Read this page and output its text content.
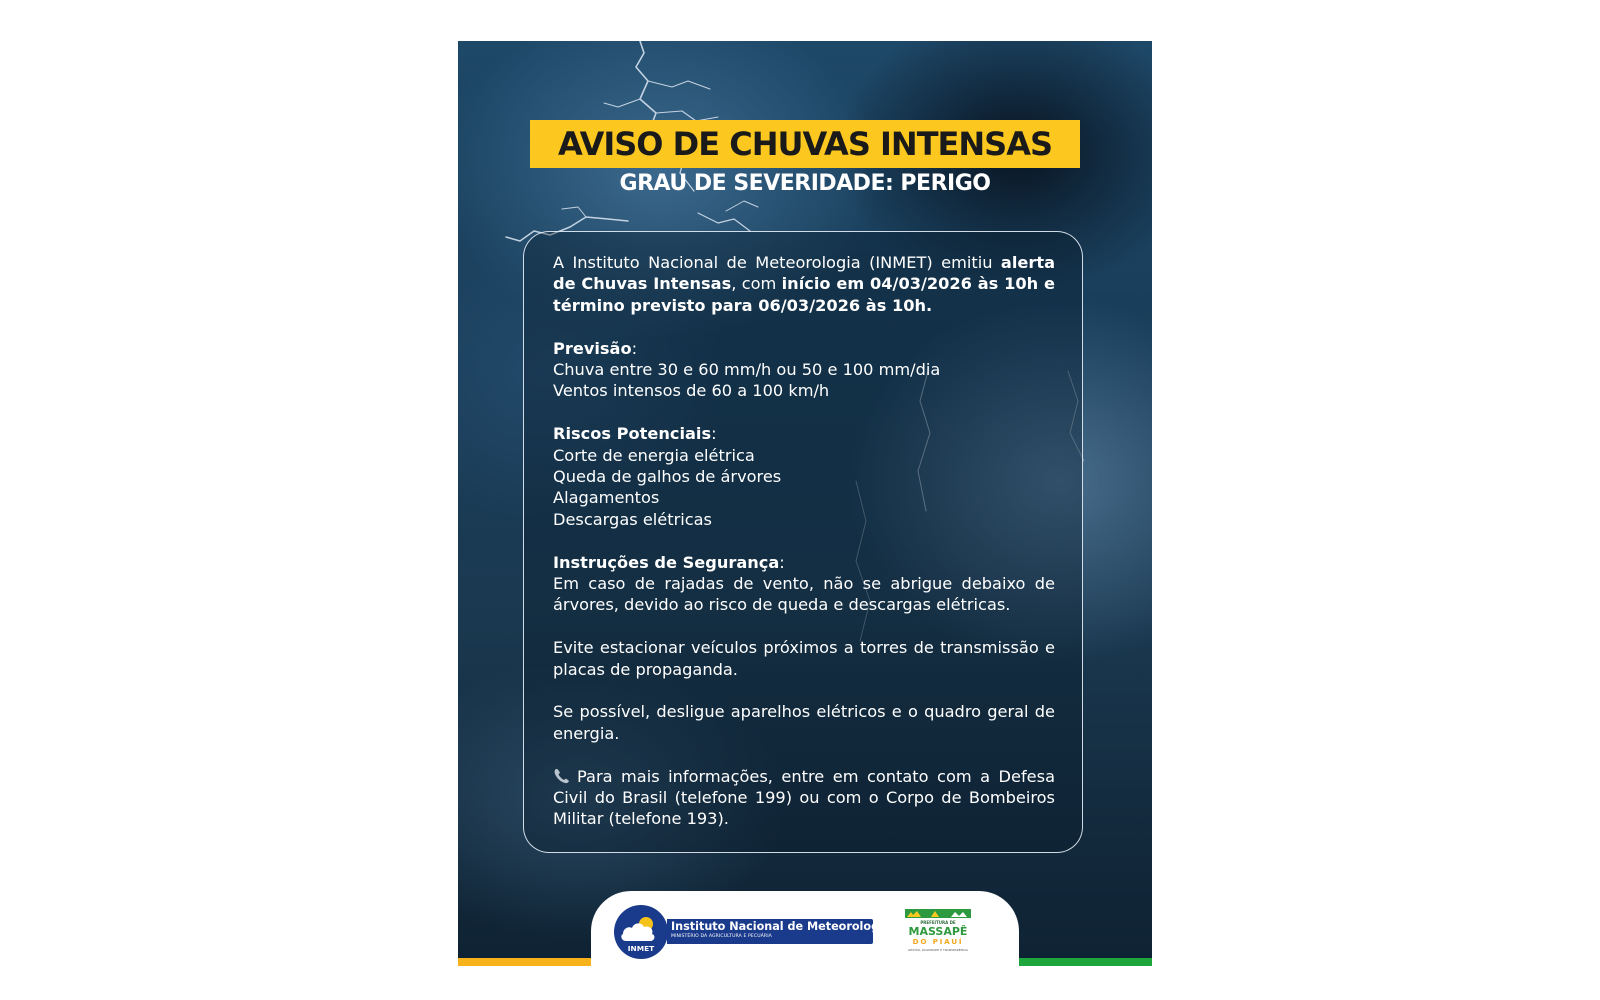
AVISO DE CHUVAS INTENSAS
GRAU DE SEVERIDADE: PERIGO

A Instituto Nacional de Meteorologia (INMET) emitiu alerta de Chuvas Intensas, com início em 04/03/2026 às 10h e término previsto para 06/03/2026 às 10h.

Previsão:

Chuva entre 30 e 60 mm/h ou 50 e 100 mm/dia

Ventos intensos de 60 a 100 km/h

Riscos Potenciais:

Corte de energia elétrica

Queda de galhos de árvores

Alagamentos

Descargas elétricas

Instruções de Segurança:

Em caso de rajadas de vento, não se abrigue debaixo de árvores, devido ao risco de queda e descargas elétricas.

Evite estacionar veículos próximos a torres de transmissão e placas de propaganda.

Se possível, desligue aparelhos elétricos e o quadro geral de energia.

Para mais informações, entre em contato com a Defesa Civil do Brasil (telefone 199) ou com o Corpo de Bombeiros Militar (telefone 193).

INMET
Instituto Nacional de Meteorologia
MINISTÉRIO DA AGRICULTURA E PECUÁRIA
PREFEITURA DE
MASSAPÊ
DO PIAUÍ
GESTÃO, DIGNIDADE E TRANSPARÊNCIA
